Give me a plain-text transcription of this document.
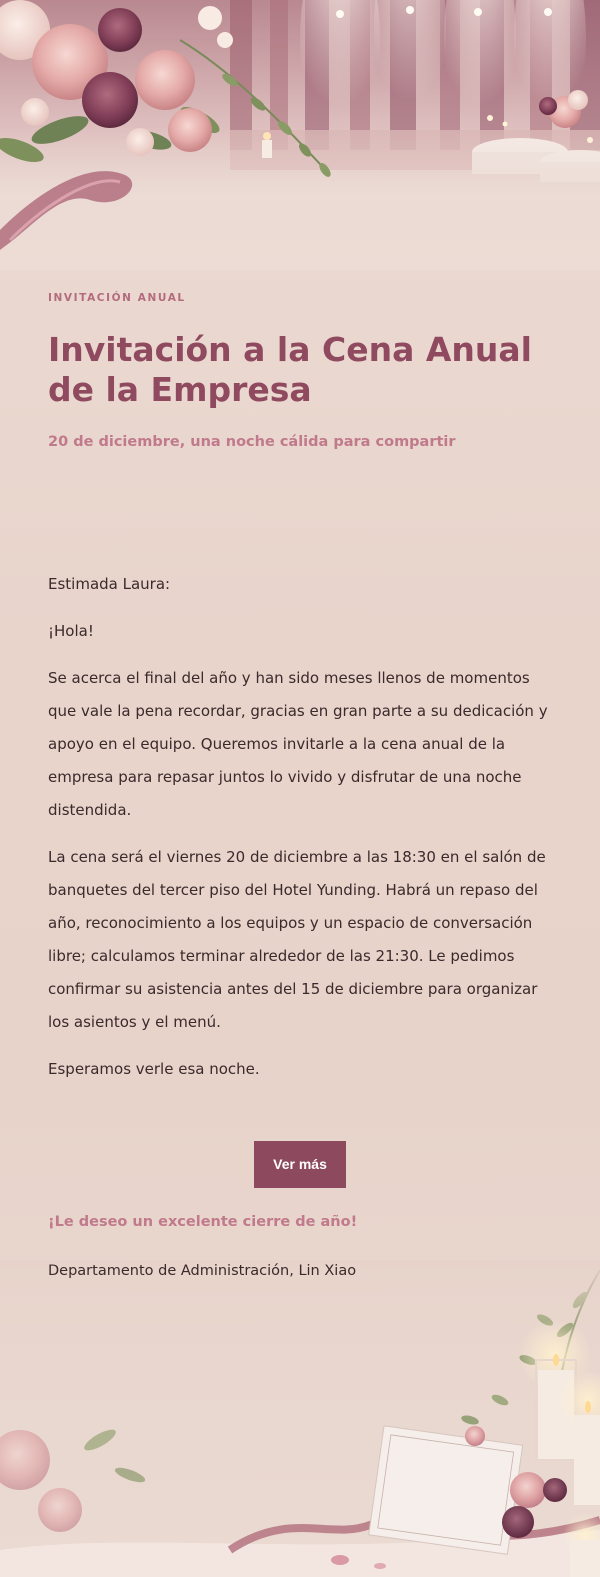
INVITACIÓN ANUAL
Invitación a la Cena Anual de la Empresa
20 de diciembre, una noche cálida para compartir

Estimada Laura:

¡Hola!

Se acerca el final del año y han sido meses llenos de momentos que vale la pena recordar, gracias en gran parte a su dedicación y apoyo en el equipo. Queremos invitarle a la cena anual de la empresa para repasar juntos lo vivido y disfrutar de una noche distendida.

La cena será el viernes 20 de diciembre a las 18:30 en el salón de banquetes del tercer piso del Hotel Yunding. Habrá un repaso del año, reconocimiento a los equipos y un espacio de conversación libre; calculamos terminar alrededor de las 21:30. Le pedimos confirmar su asistencia antes del 15 de diciembre para organizar los asientos y el menú.

Esperamos verle esa noche.

Ver más
¡Le deseo un excelente cierre de año!
Departamento de Administración, Lin Xiao
